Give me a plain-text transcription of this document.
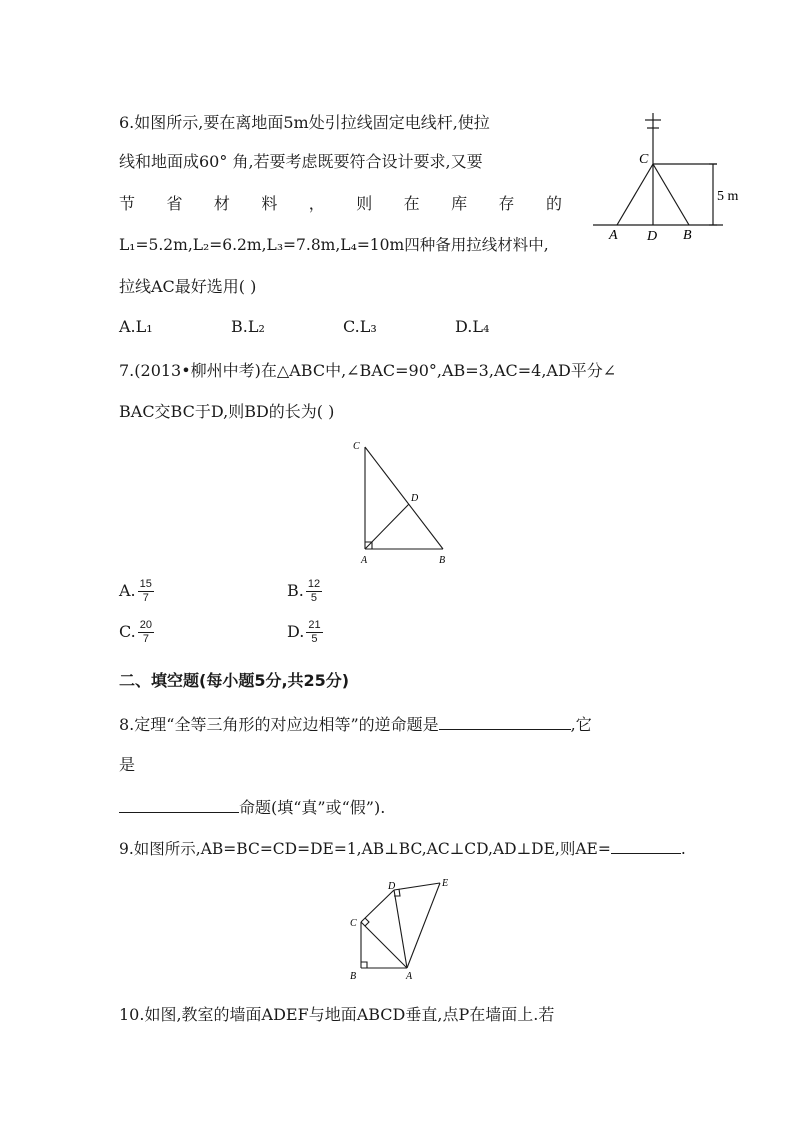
6.如图所示,要在离地面5m处引拉线固定电线杆,使拉
线和地面成60° 角,若要考虑既要符合设计要求,又要
节 省 材 料 ， 则 在 库 存 的
L₁=5.2m,L₂=6.2m,L₃=7.8m,L₄=10m四种备用拉线材料中,
拉线AC最好选用( )
A.L₁	B.L₂	C.L₃	D.L₄
C
A D B
5 m
7.(2013•柳州中考)在△ABC中,∠BAC=90°,AB=3,AC=4,AD平分∠
BAC交BC于D,则BD的长为( )
C
D
A	B
A. $\frac{15}{7}$	B. $\frac{12}{5}$
C. $\frac{20}{7}$	D. $\frac{21}{5}$
二、填空题(每小题5分,共25分)
8.定理“全等三角形的对应边相等”的逆命题是	,它
是
命题(填“真”或“假”).
9.如图所示,AB=BC=CD=DE=1,AB⊥BC,AC⊥CD,AD⊥DE,则AE=	.
D	E
C
B	A
10.如图,教室的墙面ADEF与地面ABCD垂直,点P在墙面上.若
